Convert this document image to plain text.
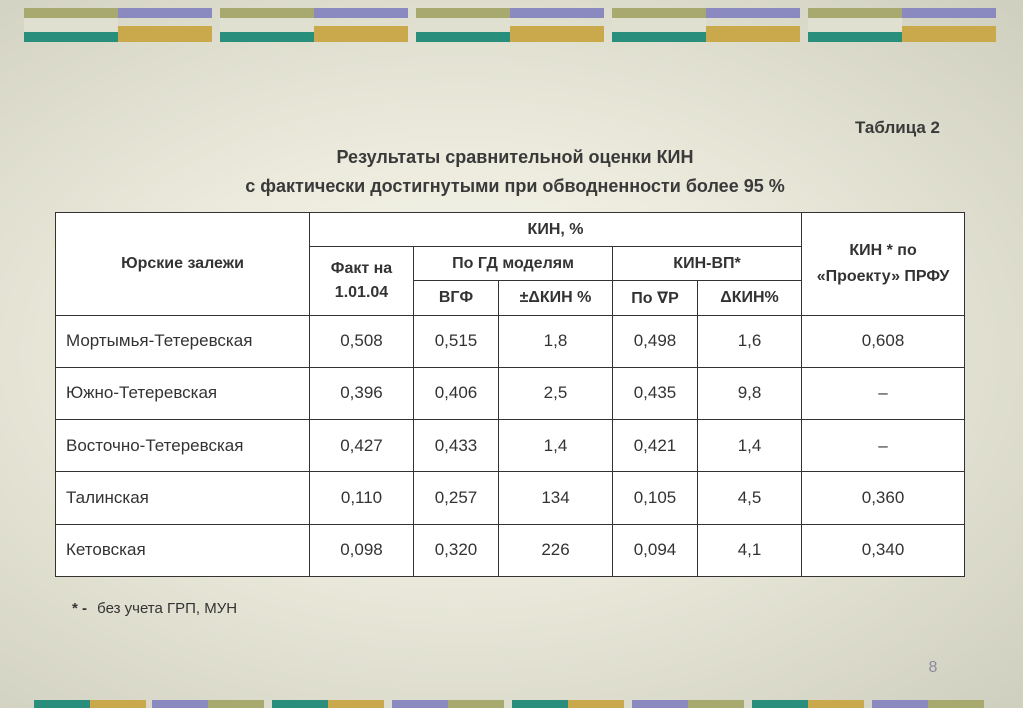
Таблица 2
Результаты сравнительной оценки КИН
с фактически достигнутыми при обводненности более 95 %
Юрские залежи	КИН, %					КИН * по «Проекту» ПРФУ
	Факт на 1.01.04	По ГД моделям		КИН-ВП*		
		ВГФ	±ΔКИН %	По ∇Р	ΔКИН%	
Мортымья-Тетеревская	0,508	0,515	1,8	0,498	1,6	0,608
Южно-Тетеревская	0,396	0,406	2,5	0,435	9,8	–
Восточно-Тетеревская	0,427	0,433	1,4	0,421	1,4	–
Талинская	0,110	0,257	134	0,105	4,5	0,360
Кетовская	0,098	0,320	226	0,094	4,1	0,340
* - без учета ГРП, МУН
8
